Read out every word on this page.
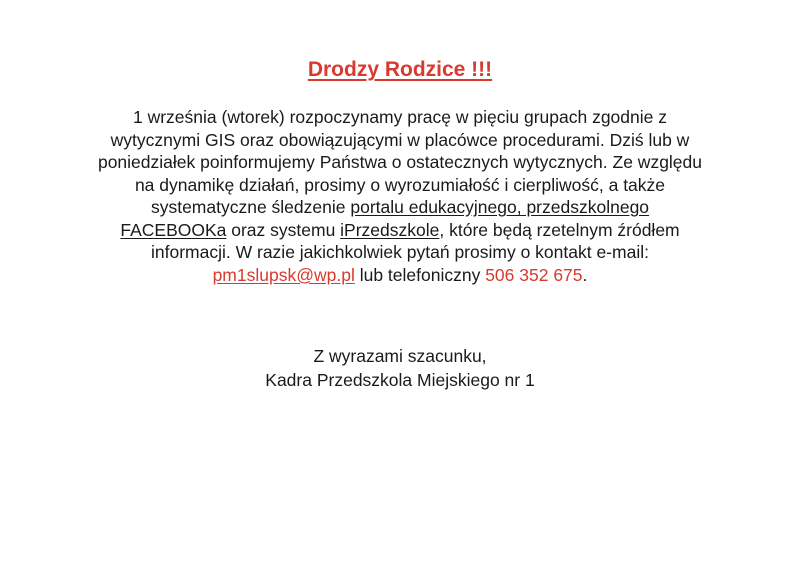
Drodzy Rodzice !!!
1 września (wtorek) rozpoczynamy pracę w pięciu grupach zgodnie z
wytycznymi GIS oraz obowiązującymi w placówce procedurami. Dziś lub w
poniedziałek poinformujemy Państwa o ostatecznych wytycznych. Ze względu
na dynamikę działań, prosimy o wyrozumiałość i cierpliwość, a także
systematyczne śledzenie portalu edukacyjnego, przedszkolnego
FACEBOOKa oraz systemu iPrzedszkole, które będą rzetelnym źródłem
informacji. W razie jakichkolwiek pytań prosimy o kontakt e-mail:
pm1slupsk@wp.pl lub telefoniczny 506 352 675.
Z wyrazami szacunku,
Kadra Przedszkola Miejskiego nr 1
